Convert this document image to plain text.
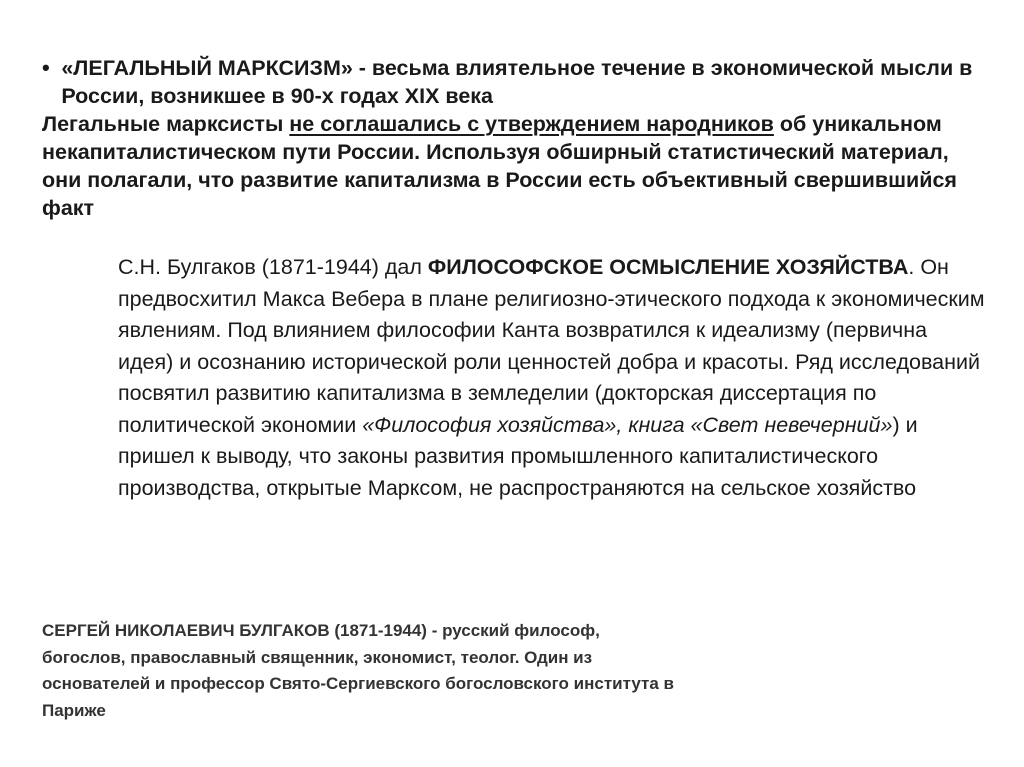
• «ЛЕГАЛЬНЫЙ МАРКСИЗМ» - весьма влиятельное течение в экономической мысли в России, возникшее в 90-х годах XIX века
Легальные марксисты не соглашались с утверждением народников об уникальном некапиталистическом пути России. Используя обширный статистический материал, они полагали, что развитие капитализма в России есть объективный свершившийся факт
С.Н. Булгаков (1871-1944) дал ФИЛОСОФСКОЕ ОСМЫСЛЕНИЕ ХОЗЯЙСТВА. Он предвосхитил Макса Вебера в плане религиозно-этического подхода к экономическим явлениям. Под влиянием философии Канта возвратился к идеализму (первична идея) и осознанию исторической роли ценностей добра и красоты. Ряд исследований посвятил развитию капитализма в земледелии (докторская диссертация по политической экономии «Философия хозяйства», книга «Свет невечерний») и пришел к выводу, что законы развития промышленного капиталистического производства, открытые Марксом, не распространяются на сельское хозяйство
СЕРГЕЙ НИКОЛАЕВИЧ БУЛГАКОВ (1871-1944) - русский философ, богослов, православный священник, экономист, теолог. Один из основателей и профессор Свято-Сергиевского богословского института в Париже
